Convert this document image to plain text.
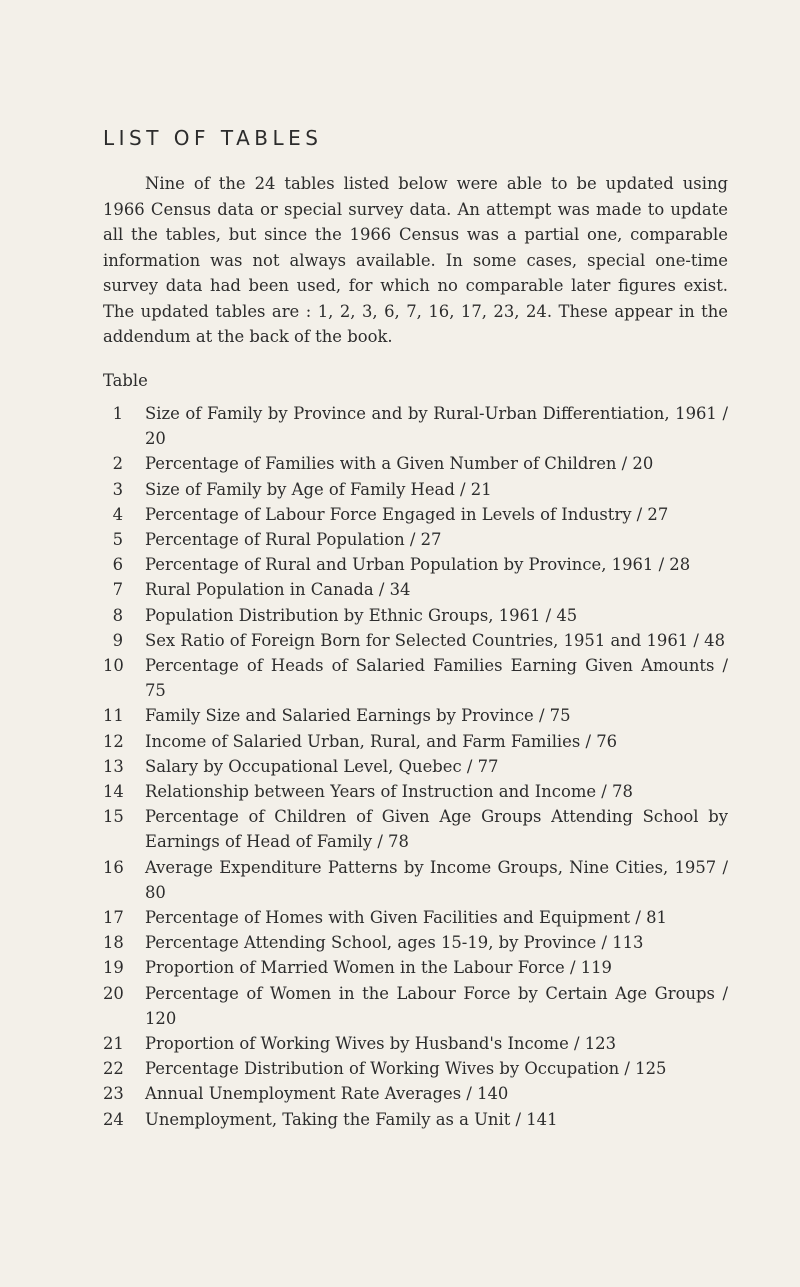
LIST OF TABLES

Nine of the 24 tables listed below were able to be updated using 1966 Census data or special survey data. An attempt was made to update all the tables, but since the 1966 Census was a partial one, comparable information was not always available. In some cases, special one-time survey data had been used, for which no comparable later figures exist. The updated tables are : 1, 2, 3, 6, 7, 16, 17, 23, 24. These appear in the addendum at the back of the book.

Table
1	Size of Family by Province and by Rural-Urban Differentiation, 1961 / 20
2	Percentage of Families with a Given Number of Children / 20
3	Size of Family by Age of Family Head / 21
4	Percentage of Labour Force Engaged in Levels of Industry / 27
5	Percentage of Rural Population / 27
6	Percentage of Rural and Urban Population by Province, 1961 / 28
7	Rural Population in Canada / 34
8	Population Distribution by Ethnic Groups, 1961 / 45
9	Sex Ratio of Foreign Born for Selected Countries, 1951 and 1961 / 48
10	Percentage of Heads of Salaried Families Earning Given Amounts / 75
11	Family Size and Salaried Earnings by Province / 75
12	Income of Salaried Urban, Rural, and Farm Families / 76
13	Salary by Occupational Level, Quebec / 77
14	Relationship between Years of Instruction and Income / 78
15	Percentage of Children of Given Age Groups Attending School by Earnings of Head of Family / 78
16	Average Expenditure Patterns by Income Groups, Nine Cities, 1957 / 80
17	Percentage of Homes with Given Facilities and Equipment / 81
18	Percentage Attending School, ages 15-19, by Province / 113
19	Proportion of Married Women in the Labour Force / 119
20	Percentage of Women in the Labour Force by Certain Age Groups / 120
21	Proportion of Working Wives by Husband's Income / 123
22	Percentage Distribution of Working Wives by Occupation / 125
23	Annual Unemployment Rate Averages / 140
24	Unemployment, Taking the Family as a Unit / 141
